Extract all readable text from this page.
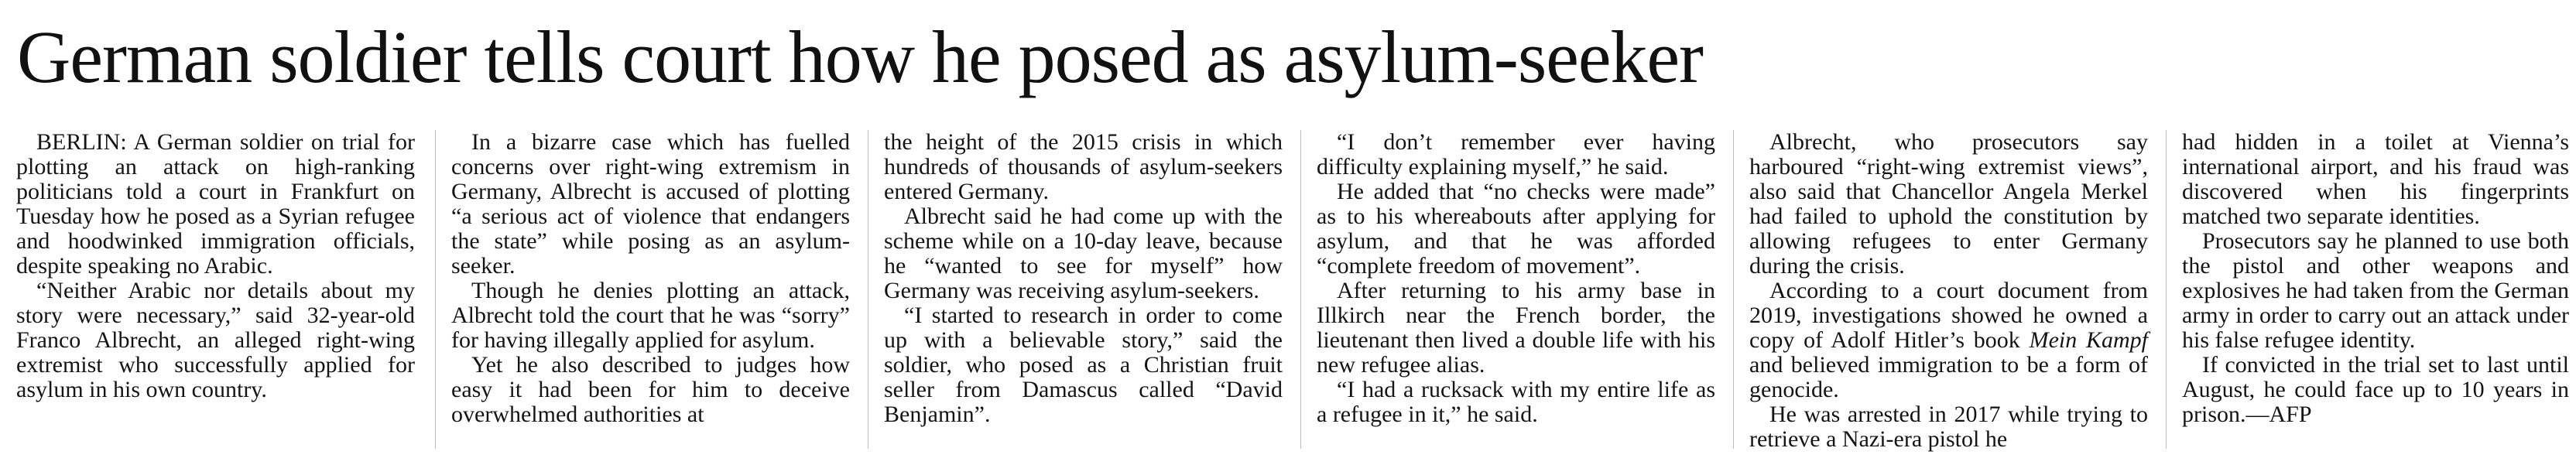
German soldier tells court how he posed as asylum-seeker

BERLIN: A German soldier on trial for plotting an attack on high-ranking politicians told a court in Frankfurt on Tuesday how he posed as a Syrian refugee and hoodwinked immigration officials, despite speaking no Arabic.

“Neither Arabic nor details about my story were necessary,” said 32-year-old Franco Albrecht, an alleged right-wing extremist who successfully applied for asylum in his own country.

In a bizarre case which has fuelled concerns over right-wing extremism in Germany, Albrecht is accused of plotting “a serious act of violence that endangers the state” while posing as an asylum-seeker.

Though he denies plotting an attack, Albrecht told the court that he was “sorry” for having illegally applied for asylum.

Yet he also described to judges how easy it had been for him to deceive overwhelmed authorities at

the height of the 2015 crisis in which hundreds of thousands of asylum-seekers entered Germany.

Albrecht said he had come up with the scheme while on a 10-day leave, because he “wanted to see for myself” how Germany was receiving asylum-seekers.

“I started to research in order to come up with a believable story,” said the soldier, who posed as a Christian fruit seller from Damascus called “David Benjamin”.

“I don’t remember ever having difficulty explaining myself,” he said.

He added that “no checks were made” as to his whereabouts after applying for asylum, and that he was afforded “complete freedom of movement”.

After returning to his army base in Illkirch near the French border, the lieutenant then lived a double life with his new refugee alias.

“I had a rucksack with my entire life as a refugee in it,” he said.

Albrecht, who prosecutors say harboured “right-wing extremist views”, also said that Chancellor Angela Merkel had failed to uphold the constitution by allowing refugees to enter Germany during the crisis.

According to a court document from 2019, investigations showed he owned a copy of Adolf Hitler’s book Mein Kampf and believed immigration to be a form of genocide.

He was arrested in 2017 while trying to retrieve a Nazi-era pistol he

had hidden in a toilet at Vienna’s international airport, and his fraud was discovered when his fingerprints matched two separate identities.

Prosecutors say he planned to use both the pistol and other weapons and explosives he had taken from the German army in order to carry out an attack under his false refugee identity.

If convicted in the trial set to last until August, he could face up to 10 years in prison.—AFP
